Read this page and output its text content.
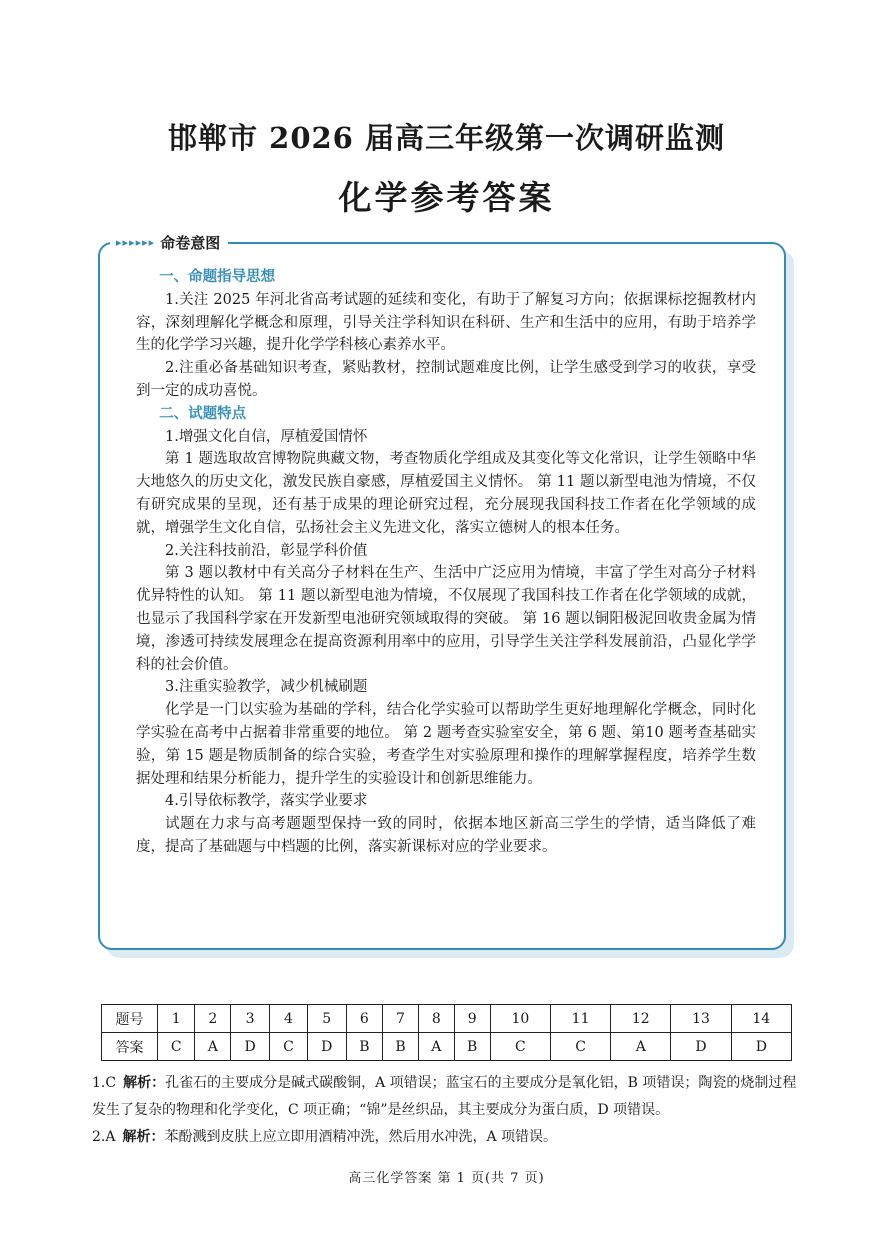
邯郸市 2026 届高三年级第一次调研监测
化学参考答案
▸ ▸ ▸ ▸ ▸ ▸ 命卷意图

一、命题指导思想

1.关注 2025 年河北省高考试题的延续和变化，有助于了解复习方向；依据课标挖掘教材内容，深刻理解化学概念和原理，引导关注学科知识在科研、生产和生活中的应用，有助于培养学生的化学学习兴趣，提升化学学科核心素养水平。

2.注重必备基础知识考查，紧贴教材，控制试题难度比例，让学生感受到学习的收获，享受到一定的成功喜悦。

二、试题特点

1.增强文化自信，厚植爱国情怀

第 1 题选取故宫博物院典藏文物，考查物质化学组成及其变化等文化常识，让学生领略中华大地悠久的历史文化，激发民族自豪感，厚植爱国主义情怀。 第 11 题以新型电池为情境，不仅有研究成果的呈现，还有基于成果的理论研究过程，充分展现我国科技工作者在化学领域的成就，增强学生文化自信，弘扬社会主义先进文化，落实立德树人的根本任务。

2.关注科技前沿，彰显学科价值

第 3 题以教材中有关高分子材料在生产、生活中广泛应用为情境，丰富了学生对高分子材料优异特性的认知。 第 11 题以新型电池为情境，不仅展现了我国科技工作者在化学领域的成就，也显示了我国科学家在开发新型电池研究领域取得的突破。 第 16 题以铜阳极泥回收贵金属为情境，渗透可持续发展理念在提高资源利用率中的应用，引导学生关注学科发展前沿，凸显化学学科的社会价值。

3.注重实验教学，减少机械刷题

化学是一门以实验为基础的学科，结合化学实验可以帮助学生更好地理解化学概念，同时化学实验在高考中占据着非常重要的地位。 第 2 题考查实验室安全，第 6 题、第10 题考查基础实验，第 15 题是物质制备的综合实验，考查学生对实验原理和操作的理解掌握程度，培养学生数据处理和结果分析能力，提升学生的实验设计和创新思维能力。

4.引导依标教学，落实学业要求

试题在力求与高考题题型保持一致的同时，依据本地区新高三学生的学情，适当降低了难度，提高了基础题与中档题的比例，落实新课标对应的学业要求。

题号	1	2	3	4	5	6	7	8	9	10	11	12	13	14
答案	C	A	D	C	D	B	B	A	B	C	C	A	D	D
1.C  解析：孔雀石的主要成分是碱式碳酸铜，A 项错误；蓝宝石的主要成分是氧化铝，B 项错误；陶瓷的烧制过程发生了复杂的物理和化学变化，C 项正确；“锦”是丝织品，其主要成分为蛋白质，D 项错误。
2.A  解析：苯酚溅到皮肤上应立即用酒精冲洗，然后用水冲洗，A 项错误。
高三化学答案 第 1 页(共 7 页)
